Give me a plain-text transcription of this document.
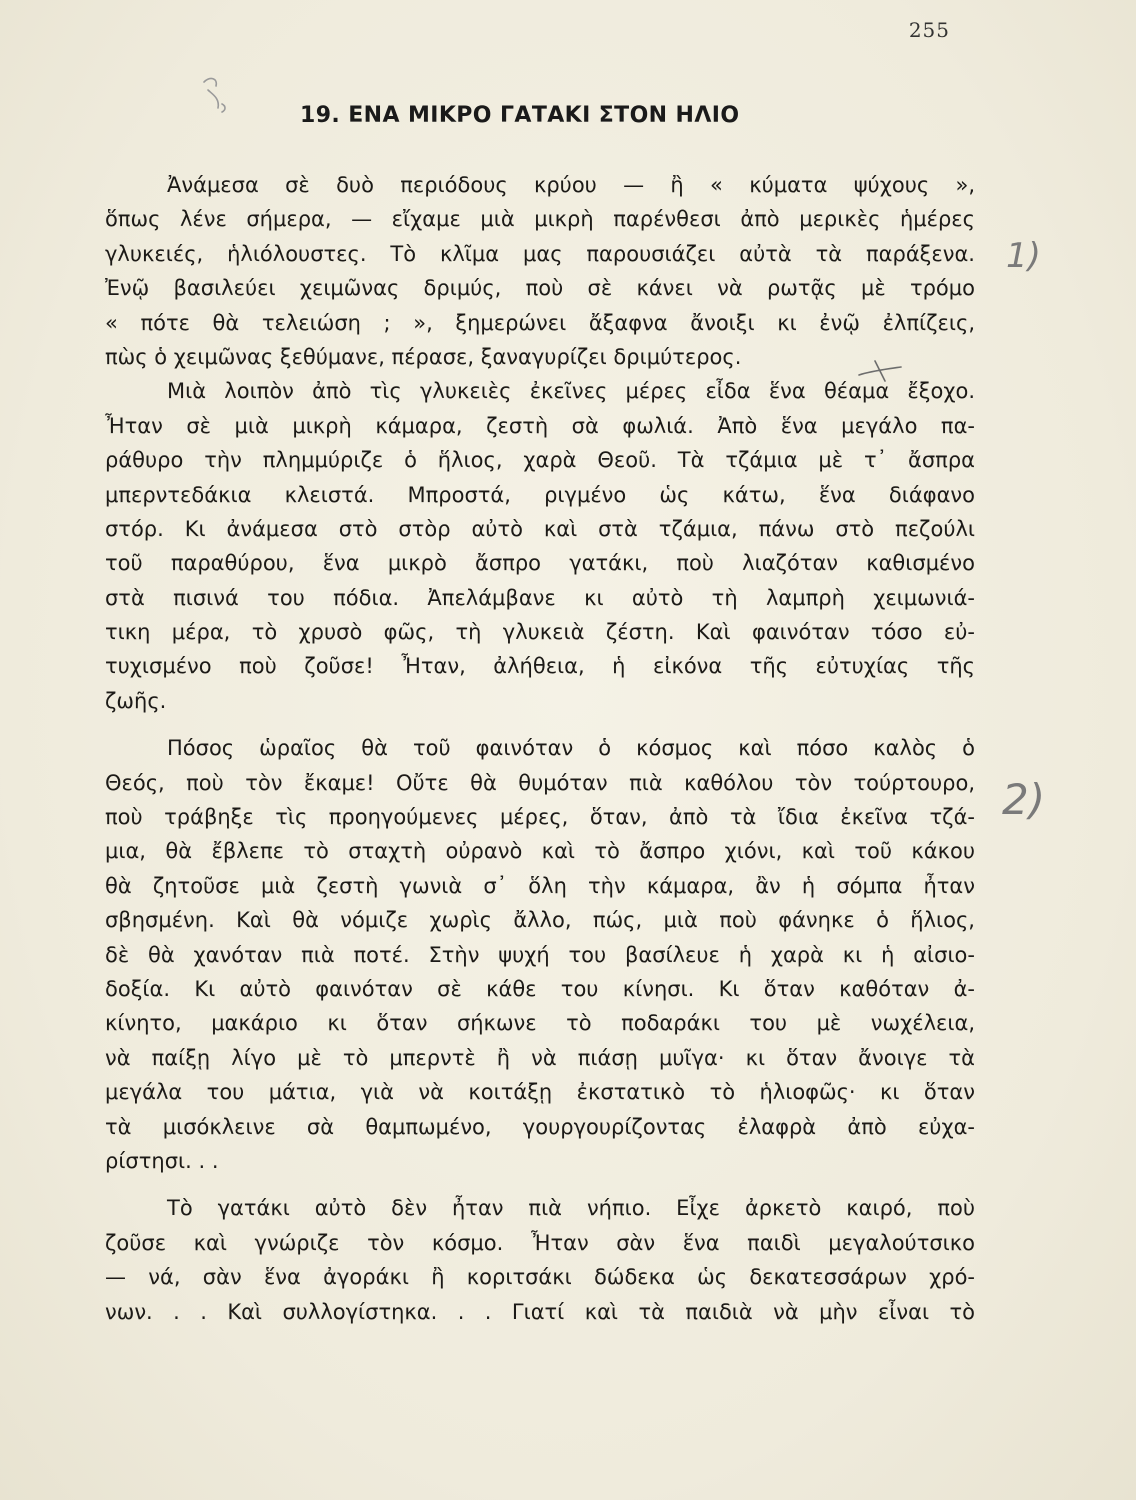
255
19. ΕΝΑ ΜΙΚΡΟ ΓΑΤΑΚΙ ΣΤΟΝ ΗΛΙΟ
1)
2)
Ἀνάμεσα σὲ δυὸ περιόδους κρύου — ἢ « κύματα ψύχους »,
ὅπως λένε σήμερα, — εἴχαμε μιὰ μικρὴ παρένθεσι ἀπὸ μερικὲς ἡμέρες
γλυκειές, ἡλιόλουστες. Τὸ κλῖμα μας παρουσιάζει αὐτὰ τὰ παράξενα.
Ἐνῷ βασιλεύει χειμῶνας δριμύς, ποὺ σὲ κάνει νὰ ρωτᾷς μὲ τρόμο
« πότε θὰ τελειώση ; », ξημερώνει ἄξαφνα ἄνοιξι κι ἐνῷ ἐλπίζεις,
πὼς ὁ χειμῶνας ξεθύμανε, πέρασε, ξαναγυρίζει δριμύτερος.
Μιὰ λοιπὸν ἀπὸ τὶς γλυκειὲς ἐκεῖνες μέρες εἶδα ἕνα θέαμα ἔξοχο.
Ἦταν σὲ μιὰ μικρὴ κάμαρα, ζεστὴ σὰ φωλιά. Ἀπὸ ἕνα μεγάλο πα-
ράθυρο τὴν πλημμύριζε ὁ ἥλιος, χαρὰ Θεοῦ. Τὰ τζάμια μὲ τ᾽ ἄσπρα
μπερντεδάκια κλειστά. Μπροστά, ριγμένο ὡς κάτω, ἕνα διάφανο
στόρ. Κι ἀνάμεσα στὸ στὸρ αὐτὸ καὶ στὰ τζάμια, πάνω στὸ πεζούλι
τοῦ παραθύρου, ἕνα μικρὸ ἄσπρο γατάκι, ποὺ λιαζόταν καθισμένο
στὰ πισινά του πόδια. Ἀπελάμβανε κι αὐτὸ τὴ λαμπρὴ χειμωνιά-
τικη μέρα, τὸ χρυσὸ φῶς, τὴ γλυκειὰ ζέστη. Καὶ φαινόταν τόσο εὐ-
τυχισμένο ποὺ ζοῦσε! Ἦταν, ἀλήθεια, ἡ εἰκόνα τῆς εὐτυχίας τῆς
ζωῆς.
Πόσος ὡραῖος θὰ τοῦ φαινόταν ὁ κόσμος καὶ πόσο καλὸς ὁ
Θεός, ποὺ τὸν ἔκαμε! Οὔτε θὰ θυμόταν πιὰ καθόλου τὸν τούρτουρο,
ποὺ τράβηξε τὶς προηγούμενες μέρες, ὅταν, ἀπὸ τὰ ἴδια ἐκεῖνα τζά-
μια, θὰ ἔβλεπε τὸ σταχτὴ οὐρανὸ καὶ τὸ ἄσπρο χιόνι, καὶ τοῦ κάκου
θὰ ζητοῦσε μιὰ ζεστὴ γωνιὰ σ᾽ ὅλη τὴν κάμαρα, ἂν ἡ σόμπα ἦταν
σβησμένη. Καὶ θὰ νόμιζε χωρὶς ἄλλο, πώς, μιὰ ποὺ φάνηκε ὁ ἥλιος,
δὲ θὰ χανόταν πιὰ ποτέ. Στὴν ψυχή του βασίλευε ἡ χαρὰ κι ἡ αἰσιο-
δοξία. Κι αὐτὸ φαινόταν σὲ κάθε του κίνησι. Κι ὅταν καθόταν ἀ-
κίνητο, μακάριο κι ὅταν σήκωνε τὸ ποδαράκι του μὲ νωχέλεια,
νὰ παίξῃ λίγο μὲ τὸ μπερντὲ ἢ νὰ πιάσῃ μυῖγα· κι ὅταν ἄνοιγε τὰ
μεγάλα του μάτια, γιὰ νὰ κοιτάξῃ ἐκστατικὸ τὸ ἡλιοφῶς· κι ὅταν
τὰ μισόκλεινε σὰ θαμπωμένο, γουργουρίζοντας ἐλαφρὰ ἀπὸ εὐχα-
ρίστησι. . .
Τὸ γατάκι αὐτὸ δὲν ἦταν πιὰ νήπιο. Εἶχε ἀρκετὸ καιρό, ποὺ
ζοῦσε καὶ γνώριζε τὸν κόσμο. Ἦταν σὰν ἕνα παιδὶ μεγαλούτσικο
— νά, σὰν ἕνα ἀγοράκι ἢ κοριτσάκι δώδεκα ὡς δεκατεσσάρων χρό-
νων. . . Καὶ συλλογίστηκα. . . Γιατί καὶ τὰ παιδιὰ νὰ μὴν εἶναι τὸ
